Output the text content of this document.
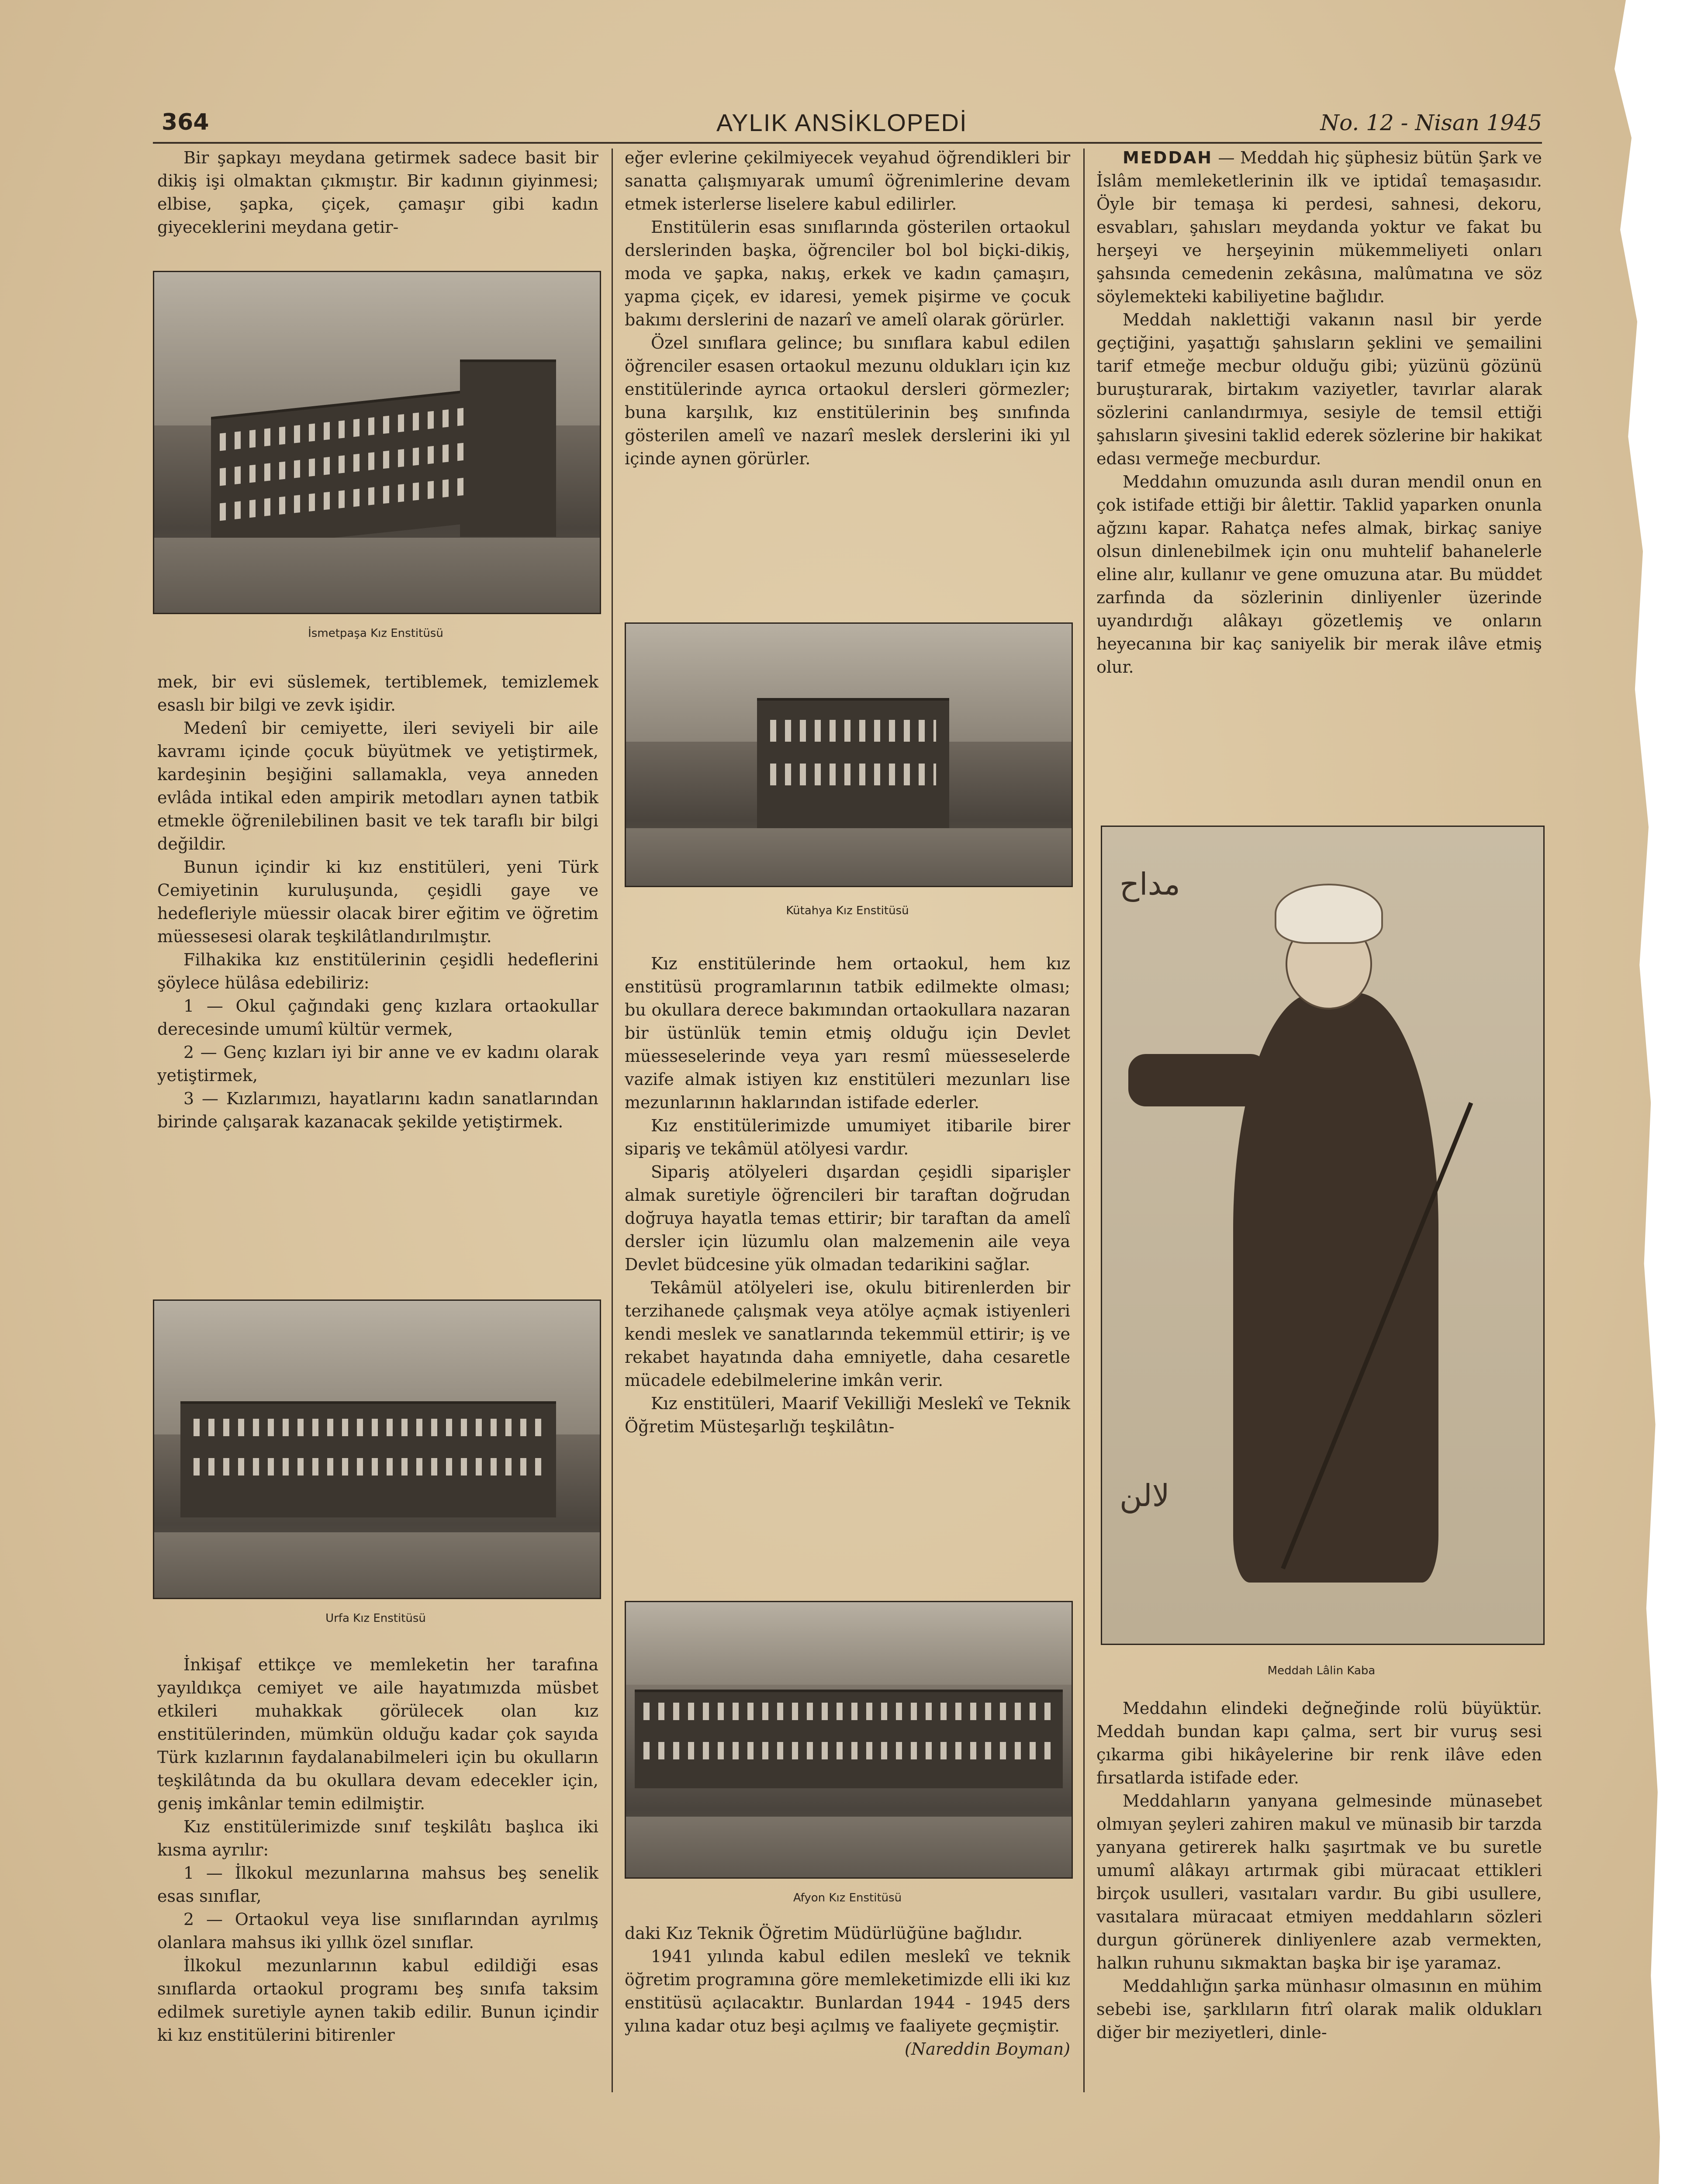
364	AYLIK ANSİKLOPEDİ	No. 12 - Nisan 1945

Bir şapkayı meydana getirmek sadece basit bir dikiş işi olmaktan çıkmıştır. Bir kadının giyinmesi; elbise, şapka, çiçek, çamaşır gibi kadın giyeceklerini meydana getir-

İsmetpaşa Kız Enstitüsü

mek, bir evi süslemek, tertiblemek, temizlemek esaslı bir bilgi ve zevk işidir.

Medenî bir cemiyette, ileri seviyeli bir aile kavramı içinde çocuk büyütmek ve yetiştirmek, kardeşinin beşiğini sallamakla, veya anneden evlâda intikal eden ampirik metodları aynen tatbik etmekle öğrenilebilinen basit ve tek taraflı bir bilgi değildir.

Bunun içindir ki kız enstitüleri, yeni Türk Cemiyetinin kuruluşunda, çeşidli gaye ve hedefleriyle müessir olacak birer eğitim ve öğretim müessesesi olarak teşkilâtlandırılmıştır.

Filhakika kız enstitülerinin çeşidli hedeflerini şöylece hülâsa edebiliriz:

1 — Okul çağındaki genç kızlara ortaokullar derecesinde umumî kültür vermek,

2 — Genç kızları iyi bir anne ve ev kadını olarak yetiştirmek,

3 — Kızlarımızı, hayatlarını kadın sanatlarından birinde çalışarak kazanacak şekilde yetiştirmek.

Urfa Kız Enstitüsü

İnkişaf ettikçe ve memleketin her tarafına yayıldıkça cemiyet ve aile hayatımızda müsbet etkileri muhakkak görülecek olan kız enstitülerinden, mümkün olduğu kadar çok sayıda Türk kızlarının faydalanabilmeleri için bu okulların teşkilâtında da bu okullara devam edecekler için, geniş imkânlar temin edilmiştir.

Kız enstitülerimizde sınıf teşkilâtı başlıca iki kısma ayrılır:

1 — İlkokul mezunlarına mahsus beş senelik esas sınıflar,

2 — Ortaokul veya lise sınıflarından ayrılmış olanlara mahsus iki yıllık özel sınıflar.

İlkokul mezunlarının kabul edildiği esas sınıflarda ortaokul programı beş sınıfa taksim edilmek suretiyle aynen takib edilir. Bunun içindir ki kız enstitülerini bitirenler

eğer evlerine çekilmiyecek veyahud öğrendikleri bir sanatta çalışmıyarak umumî öğrenimlerine devam etmek isterlerse liselere kabul edilirler.

Enstitülerin esas sınıflarında gösterilen ortaokul derslerinden başka, öğrenciler bol bol biçki-dikiş, moda ve şapka, nakış, erkek ve kadın çamaşırı, yapma çiçek, ev idaresi, yemek pişirme ve çocuk bakımı derslerini de nazarî ve amelî olarak görürler.

Özel sınıflara gelince; bu sınıflara kabul edilen öğrenciler esasen ortaokul mezunu oldukları için kız enstitülerinde ayrıca ortaokul dersleri görmezler; buna karşılık, kız enstitülerinin beş sınıfında gösterilen amelî ve nazarî meslek derslerini iki yıl içinde aynen görürler.

Kütahya Kız Enstitüsü

Kız enstitülerinde hem ortaokul, hem kız enstitüsü programlarının tatbik edilmekte olması; bu okullara derece bakımından ortaokullara nazaran bir üstünlük temin etmiş olduğu için Devlet müesseselerinde veya yarı resmî müesseselerde vazife almak istiyen kız enstitüleri mezunları lise mezunlarının haklarından istifade ederler.

Kız enstitülerimizde umumiyet itibarile birer sipariş ve tekâmül atölyesi vardır.

Sipariş atölyeleri dışardan çeşidli siparişler almak suretiyle öğrencileri bir taraftan doğrudan doğruya hayatla temas ettirir; bir taraftan da amelî dersler için lüzumlu olan malzemenin aile veya Devlet büdcesine yük olmadan tedarikini sağlar.

Tekâmül atölyeleri ise, okulu bitirenlerden bir terzihanede çalışmak veya atölye açmak istiyenleri kendi meslek ve sanatlarında tekemmül ettirir; iş ve rekabet hayatında daha emniyetle, daha cesaretle mücadele edebilmelerine imkân verir.

Kız enstitüleri, Maarif Vekilliği Meslekî ve Teknik Öğretim Müsteşarlığı teşkilâtın-

Afyon Kız Enstitüsü

daki Kız Teknik Öğretim Müdürlüğüne bağlıdır.

1941 yılında kabul edilen meslekî ve teknik öğretim programına göre memleketimizde elli iki kız enstitüsü açılacaktır. Bunlardan 1944 - 1945 ders yılına kadar otuz beşi açılmış ve faaliyete geçmiştir.

(Nareddin Boyman)

MEDDAH — Meddah hiç şüphesiz bütün Şark ve İslâm memleketlerinin ilk ve iptidaî temaşasıdır. Öyle bir temaşa ki perdesi, sahnesi, dekoru, esvabları, şahısları meydanda yoktur ve fakat bu herşeyi ve herşeyinin mükemmeliyeti onları şahsında cemedenin zekâsına, malûmatına ve söz söylemekteki kabiliyetine bağlıdır.

Meddah naklettiği vakanın nasıl bir yerde geçtiğini, yaşattığı şahısların şeklini ve şemailini tarif etmeğe mecbur olduğu gibi; yüzünü gözünü buruşturarak, birtakım vaziyetler, tavırlar alarak sözlerini canlandırmıya, sesiyle de temsil ettiği şahısların şivesini taklid ederek sözlerine bir hakikat edası vermeğe mecburdur.

Meddahın omuzunda asılı duran mendil onun en çok istifade ettiği bir âlettir. Taklid yaparken onunla ağzını kapar. Rahatça nefes almak, birkaç saniye olsun dinlenebilmek için onu muhtelif bahanelerle eline alır, kullanır ve gene omuzuna atar. Bu müddet zarfında da sözlerinin dinliyenler üzerinde uyandırdığı alâkayı gözetlemiş ve onların heyecanına bir kaç saniyelik bir merak ilâve etmiş olur.

ﻣﺪﺍﺡ
ﻻﻟﻦ
Meddah Lâlin Kaba

Meddahın elindeki değneğinde rolü büyüktür. Meddah bundan kapı çalma, sert bir vuruş sesi çıkarma gibi hikâyelerine bir renk ilâve eden fırsatlarda istifade eder.

Meddahların yanyana gelmesinde münasebet olmıyan şeyleri zahiren makul ve münasib bir tarzda yanyana getirerek halkı şaşırtmak ve bu suretle umumî alâkayı artırmak gibi müracaat ettikleri birçok usulleri, vasıtaları vardır. Bu gibi usullere, vasıtalara müracaat etmiyen meddahların sözleri durgun görünerek dinliyenlere azab vermekten, halkın ruhunu sıkmaktan başka bir işe yaramaz.

Meddahlığın şarka münhasır olmasının en mühim sebebi ise, şarklıların fıtrî olarak malik oldukları diğer bir meziyetleri, dinle-
